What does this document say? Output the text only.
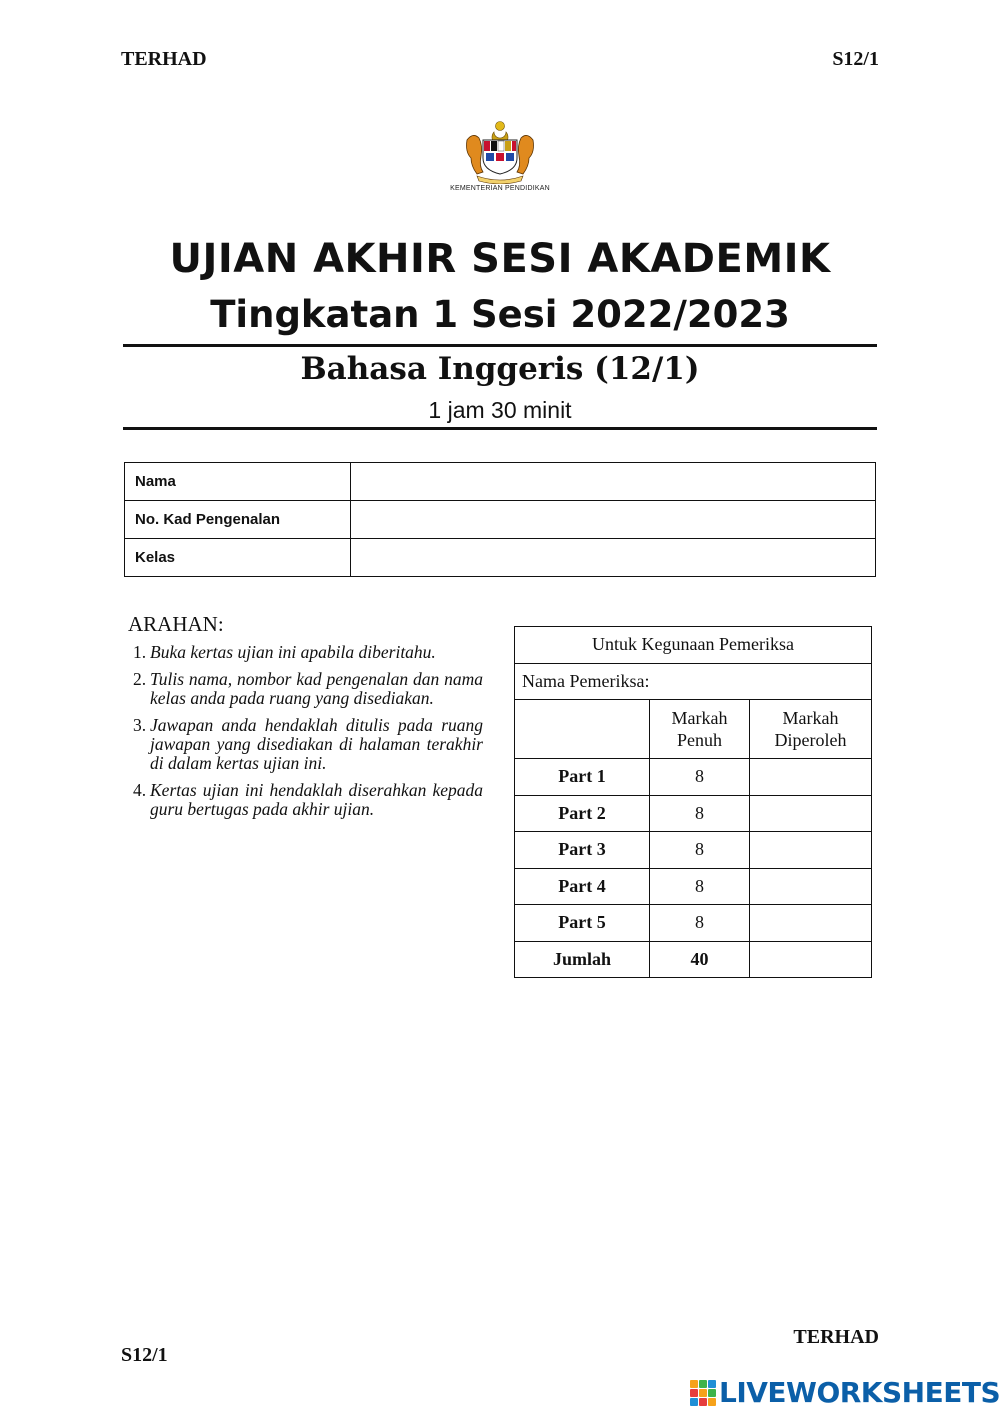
TERHAD	S12/1
KEMENTERIAN PENDIDIKAN
UJIAN AKHIR SESI AKADEMIK
Tingkatan 1 Sesi 2022/2023
Bahasa Inggeris (12/1)
1 jam 30 minit
Nama	
No. Kad Pengenalan	
Kelas	
ARAHAN:
1. Buka kertas ujian ini apabila diberitahu.
2. Tulis nama, nombor kad pengenalan dan nama kelas anda pada ruang yang disediakan.
3. Jawapan anda hendaklah ditulis pada ruang jawapan yang disediakan di halaman terakhir di dalam kertas ujian ini.
4. Kertas ujian ini hendaklah diserahkan kepada guru bertugas pada akhir ujian.
Untuk Kegunaan Pemeriksa		
Nama Pemeriksa:		
	Markah Penuh	Markah Diperoleh
Part 1	8	
Part 2	8	
Part 3	8	
Part 4	8	
Part 5	8	
Jumlah	40	
TERHAD
S12/1
LIVEWORKSHEETS
